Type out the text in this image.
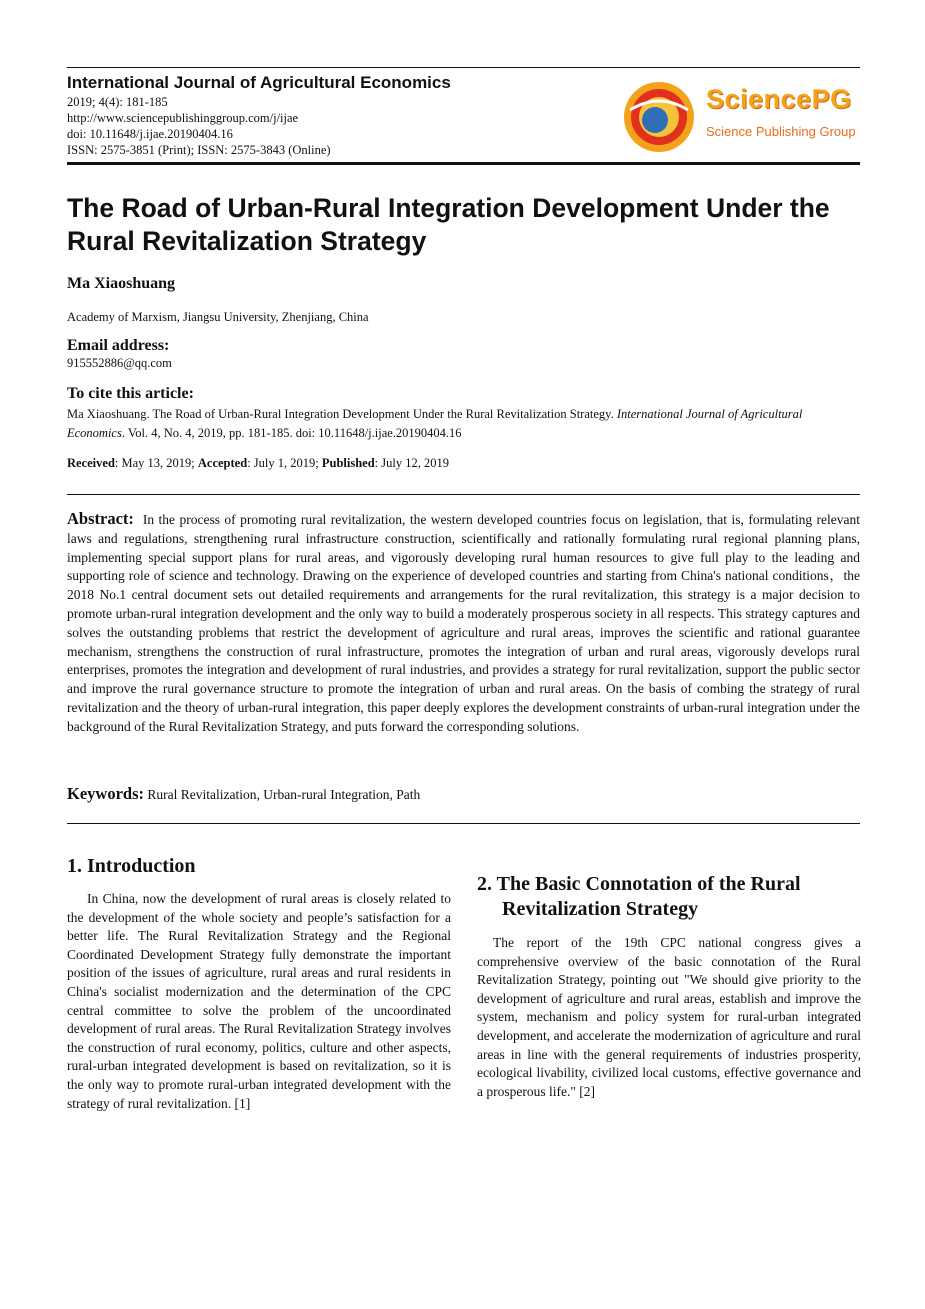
International Journal of Agricultural Economics
2019; 4(4): 181-185
http://www.sciencepublishinggroup.com/j/ijae
doi: 10.11648/j.ijae.20190404.16
ISSN: 2575-3851 (Print); ISSN: 2575-3843 (Online)
SciencePG
Science Publishing Group
The Road of Urban-Rural Integration Development Under the Rural Revitalization Strategy
Ma Xiaoshuang
Academy of Marxism, Jiangsu University, Zhenjiang, China
Email address:
915552886@qq.com
To cite this article:
Ma Xiaoshuang. The Road of Urban-Rural Integration Development Under the Rural Revitalization Strategy. International Journal of Agricultural Economics. Vol. 4, No. 4, 2019, pp. 181-185. doi: 10.11648/j.ijae.20190404.16
Received: May 13, 2019; Accepted: July 1, 2019; Published: July 12, 2019
Abstract: In the process of promoting rural revitalization, the western developed countries focus on legislation, that is, formulating relevant laws and regulations, strengthening rural infrastructure construction, scientifically and rationally formulating rural regional planning plans, implementing special support plans for rural areas, and vigorously developing rural human resources to give full play to the leading and supporting role of science and technology. Drawing on the experience of developed countries and starting from China's national conditions，the 2018 No.1 central document sets out detailed requirements and arrangements for the rural revitalization, this strategy is a major decision to promote urban-rural integration development and the only way to build a moderately prosperous society in all respects. This strategy captures and solves the outstanding problems that restrict the development of agriculture and rural areas, improves the scientific and rational guarantee mechanism, strengthens the construction of rural infrastructure, promotes the integration of urban and rural areas, vigorously develops rural enterprises, promotes the integration and development of rural industries, and provides a strategy for rural revitalization, support the public sector and improve the rural governance structure to promote the integration of urban and rural areas. On the basis of combing the strategy of rural revitalization and the theory of urban-rural integration, this paper deeply explores the development constraints of urban-rural integration under the background of the Rural Revitalization Strategy, and puts forward the corresponding solutions.
Keywords: Rural Revitalization, Urban-rural Integration, Path
1. Introduction
In China, now the development of rural areas is closely related to the development of the whole society and people’s satisfaction for a better life. The Rural Revitalization Strategy and the Regional Coordinated Development Strategy fully demonstrate the important position of the issues of agriculture, rural areas and rural residents in China's socialist modernization and the determination of the CPC central committee to solve the problem of the uncoordinated development of rural areas. The Rural Revitalization Strategy involves the construction of rural economy, politics, culture and other aspects, rural-urban integrated development is based on revitalization, so it is the only way to promote rural-urban integrated development with the strategy of rural revitalization. [1]
2. The Basic Connotation of the Rural Revitalization Strategy
The report of the 19th CPC national congress gives a comprehensive overview of the basic connotation of the Rural Revitalization Strategy, pointing out "We should give priority to the development of agriculture and rural areas, establish and improve the system, mechanism and policy system for rural-urban integrated development, and accelerate the modernization of agriculture and rural areas in line with the general requirements of industries prosperity, ecological livability, civilized local customs, effective governance and a prosperous life." [2]
